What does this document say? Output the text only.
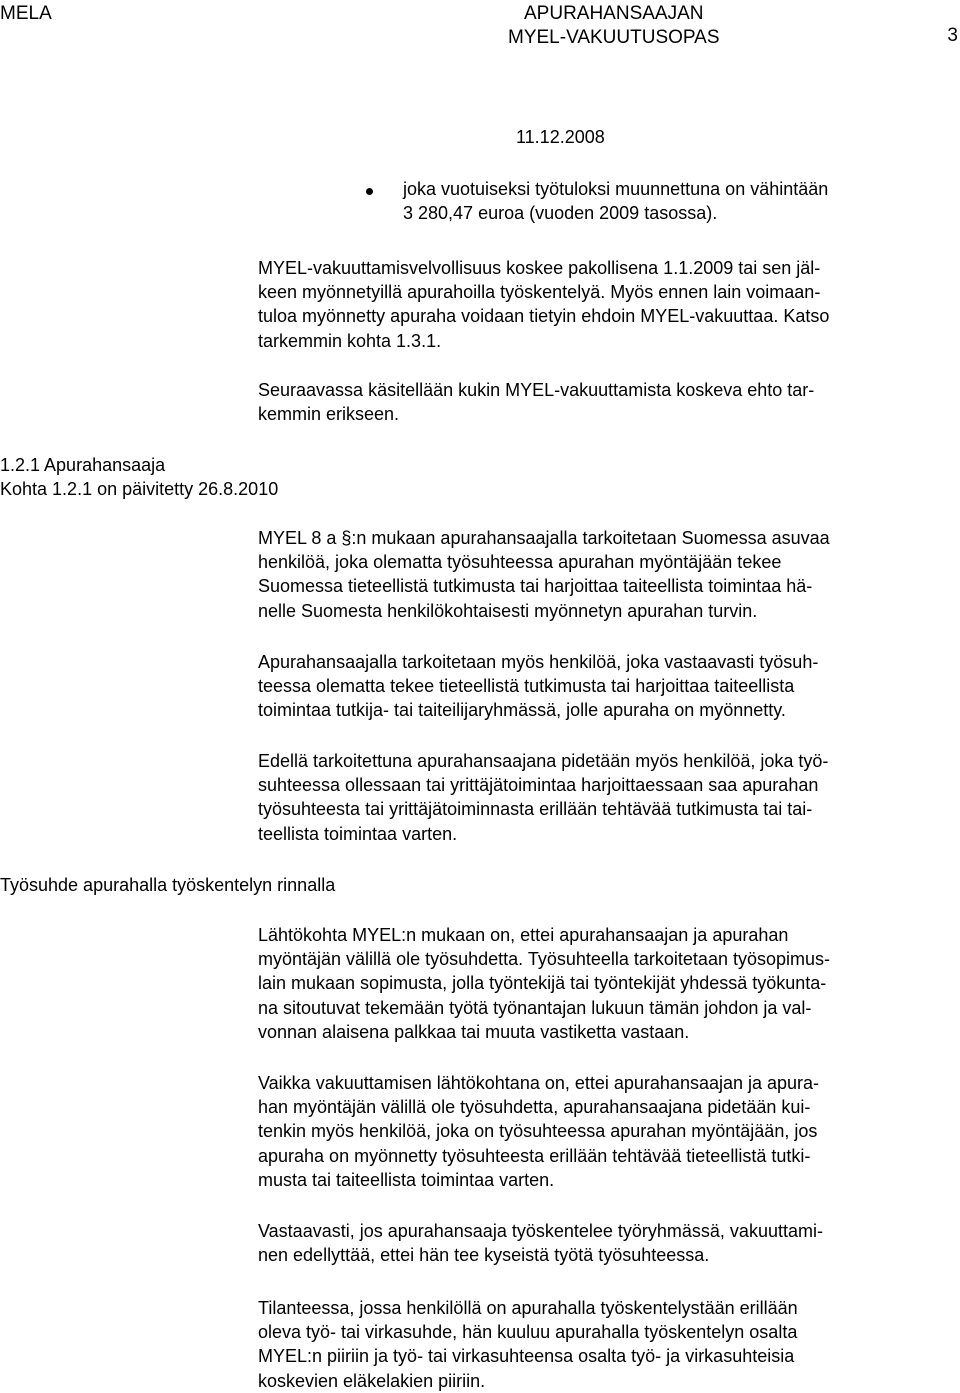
MELA	APURAHANSAAJAN
MYEL-VAKUUTUSOPAS	3
11.12.2008
joka vuotuiseksi työtuloksi muunnettuna on vähintään
3 280,47 euroa (vuoden 2009 tasossa).
MYEL-vakuuttamisvelvollisuus koskee pakollisena 1.1.2009 tai sen jäl-
keen myönnetyillä apurahoilla työskentelyä. Myös ennen lain voimaan-
tuloa myönnetty apuraha voidaan tietyin ehdoin MYEL-vakuuttaa. Katso
tarkemmin kohta 1.3.1.
Seuraavassa käsitellään kukin MYEL-vakuuttamista koskeva ehto tar-
kemmin erikseen.
1.2.1 Apurahansaaja
Kohta 1.2.1 on päivitetty 26.8.2010
Työsuhde apurahalla työskentelyn rinnalla
MYEL 8 a §:n mukaan apurahansaajalla tarkoitetaan Suomessa asuvaa
henkilöä, joka olematta työsuhteessa apurahan myöntäjään tekee
Suomessa tieteellistä tutkimusta tai harjoittaa taiteellista toimintaa hä-
nelle Suomesta henkilökohtaisesti myönnetyn apurahan turvin.
Apurahansaajalla tarkoitetaan myös henkilöä, joka vastaavasti työsuh-
teessa olematta tekee tieteellistä tutkimusta tai harjoittaa taiteellista
toimintaa tutkija- tai taiteilijaryhmässä, jolle apuraha on myönnetty.
Edellä tarkoitettuna apurahansaajana pidetään myös henkilöä, joka työ-
suhteessa ollessaan tai yrittäjätoimintaa harjoittaessaan saa apurahan
työsuhteesta tai yrittäjätoiminnasta erillään tehtävää tutkimusta tai tai-
teellista toimintaa varten.
Lähtökohta MYEL:n mukaan on, ettei apurahansaajan ja apurahan
myöntäjän välillä ole työsuhdetta. Työsuhteella tarkoitetaan työsopimus-
lain mukaan sopimusta, jolla työntekijä tai työntekijät yhdessä työkunta-
na sitoutuvat tekemään työtä työnantajan lukuun tämän johdon ja val-
vonnan alaisena palkkaa tai muuta vastiketta vastaan.
Vaikka vakuuttamisen lähtökohtana on, ettei apurahansaajan ja apura-
han myöntäjän välillä ole työsuhdetta, apurahansaajana pidetään kui-
tenkin myös henkilöä, joka on työsuhteessa apurahan myöntäjään, jos
apuraha on myönnetty työsuhteesta erillään tehtävää tieteellistä tutki-
musta tai taiteellista toimintaa varten.
Vastaavasti, jos apurahansaaja työskentelee työryhmässä, vakuuttami-
nen edellyttää, ettei hän tee kyseistä työtä työsuhteessa.
Tilanteessa, jossa henkilöllä on apurahalla työskentelystään erillään
oleva työ- tai virkasuhde, hän kuuluu apurahalla työskentelyn osalta
MYEL:n piiriin ja työ- tai virkasuhteensa osalta työ- ja virkasuhteisia
koskevien eläkelakien piiriin.
